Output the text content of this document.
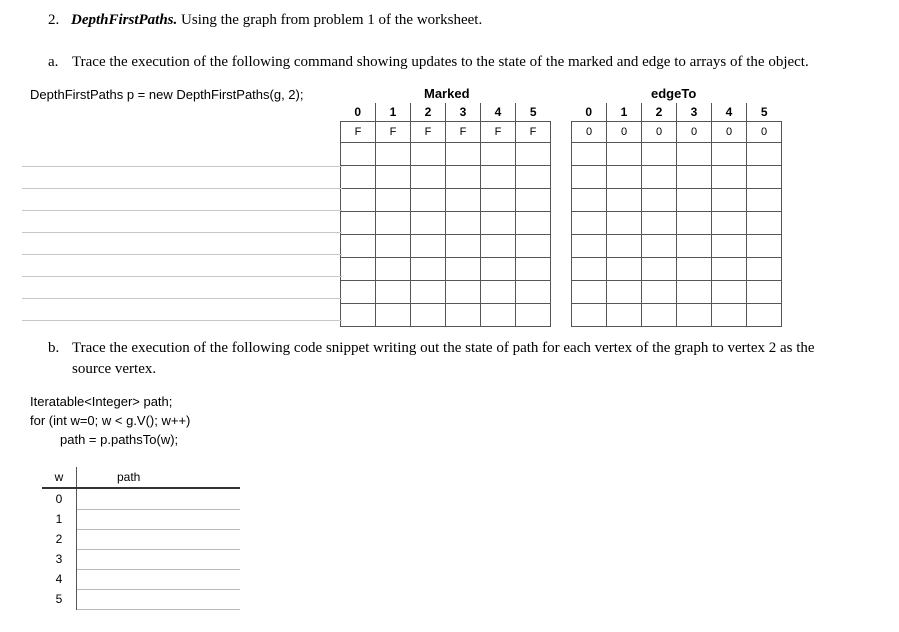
2. DepthFirstPaths. Using the graph from problem 1 of the worksheet.
a. Trace the execution of the following command showing updates to the state of the marked and edge to arrays of the object.
DepthFirstPaths p = new DepthFirstPaths(g, 2);	Marked	edgeTo
0	1	2	3	4	5
F	F	F	F	F	F

0	1	2	3	4	5
0	0	0	0	0	0

b. Trace the execution of the following code snippet writing out the state of path for each vertex of the graph to vertex 2 as the
source vertex.
Iteratable<Integer> path;
for (int w=0; w < g.V(); w++)
path = p.pathsTo(w);
w	path
0	
1	
2	
3	
4	
5	
